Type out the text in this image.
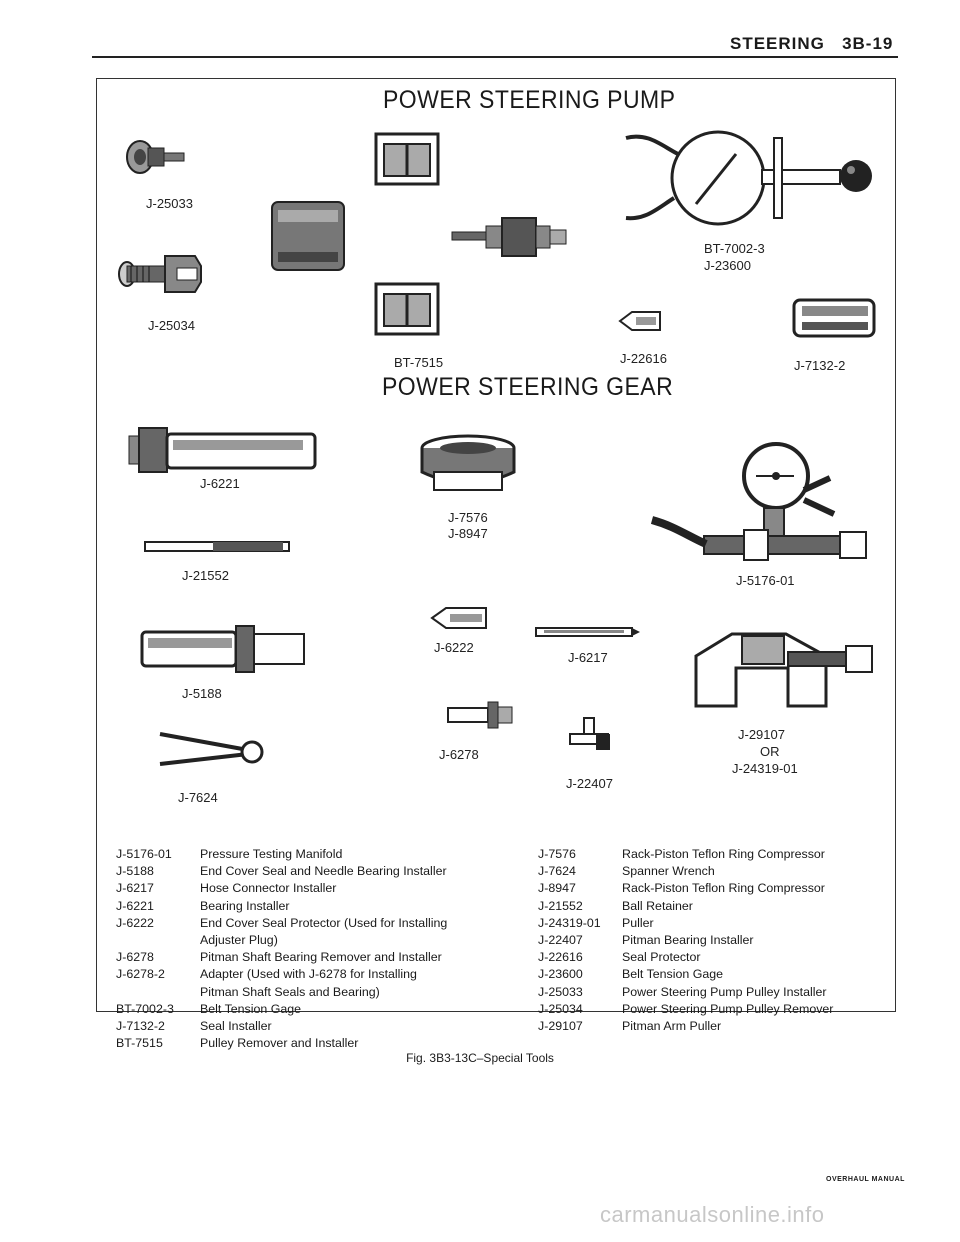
STEERING 3B-19
POWER STEERING PUMP
POWER STEERING GEAR
J-25033
J-25034
BT-7515
BT-7002-3
J-23600
J-22616	J-7132-2
J-6221
J-21552
J-5188
J-7624
J-7576
J-8947
J-6222
J-6278
J-6217
J-22407
J-5176-01
J-29107
OR
J-24319-01
J-5176-01	Pressure Testing Manifold
J-5188	End Cover Seal and Needle Bearing Installer
J-6217	Hose Connector Installer
J-6221	Bearing Installer
J-6222	End Cover Seal Protector (Used for Installing
Adjuster Plug)
J-6278	Pitman Shaft Bearing Remover and Installer
J-6278-2	Adapter (Used with J-6278 for Installing
Pitman Shaft Seals and Bearing)
BT-7002-3	Belt Tension Gage
J-7132-2	Seal Installer
BT-7515	Pulley Remover and Installer
J-7576	Rack-Piston Teflon Ring Compressor
J-7624	Spanner Wrench
J-8947	Rack-Piston Teflon Ring Compressor
J-21552	Ball Retainer
J-24319-01	Puller
J-22407	Pitman Bearing Installer
J-22616	Seal Protector
J-23600	Belt Tension Gage
J-25033	Power Steering Pump Pulley Installer
J-25034	Power Steering Pump Pulley Remover
J-29107	Pitman Arm Puller
Fig. 3B3-13C–Special Tools
OVERHAUL MANUAL
carmanualsonline.info
